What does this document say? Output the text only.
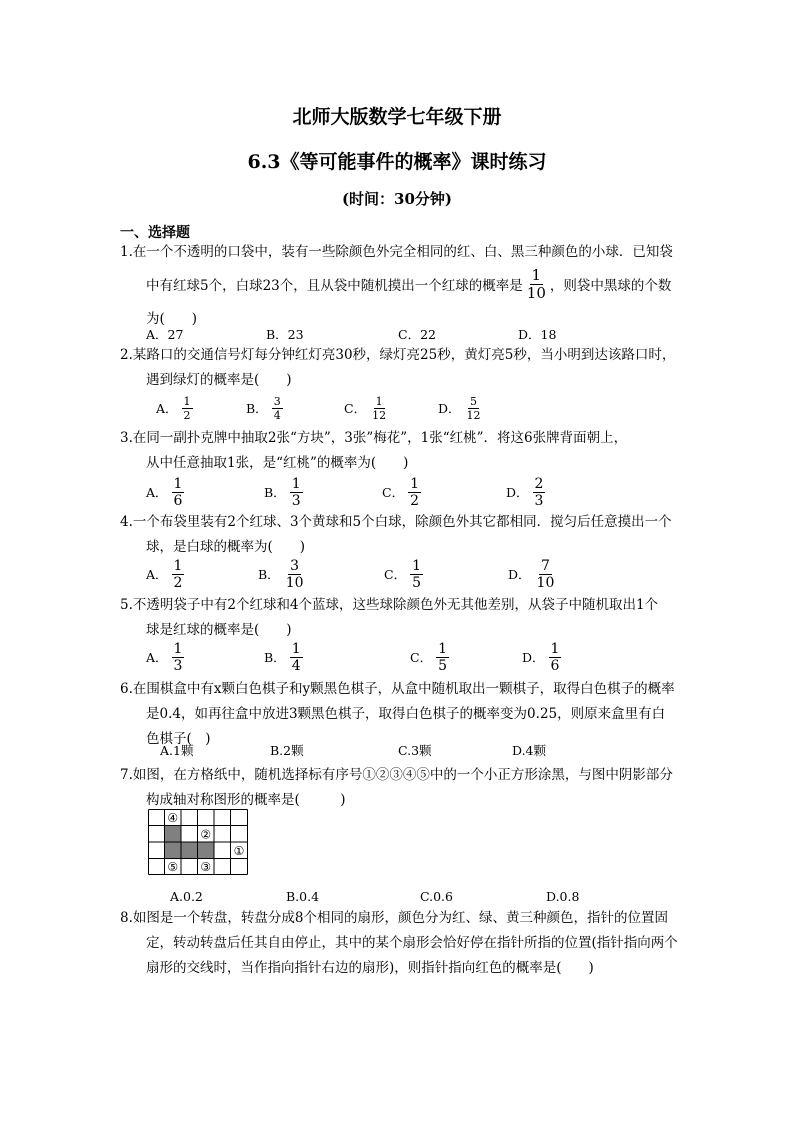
北师大版数学七年级下册
6.3《等可能事件的概率》课时练习
(时间：30分钟)
一、选择题
1.在一个不透明的口袋中，装有一些除颜色外完全相同的红、白、黑三种颜色的小球．已知袋
中有红球5个，白球23个，且从袋中随机摸出一个红球的概率是 $\frac{1}{10}$ ，则袋中黑球的个数
为(　　)
A．27	B．23	C．22	D．18
2.某路口的交通信号灯每分钟红灯亮30秒，绿灯亮25秒，黄灯亮5秒，当小明到达该路口时，
遇到绿灯的概率是(　　)
A． $\frac{1}{2}$	B． $\frac{3}{4}$	C． $\frac{1}{12}$	D． $\frac{5}{12}$
3.在同一副扑克牌中抽取2张“方块”，3张”梅花”，1张“红桃”．将这6张牌背面朝上，
从中任意抽取1张，是“红桃”的概率为(　　)
A． $\frac{1}{6}$	B． $\frac{1}{3}$	C． $\frac{1}{2}$	D． $\frac{2}{3}$
4.一个布袋里装有2个红球、3个黄球和5个白球，除颜色外其它都相同．搅匀后任意摸出一个
球，是白球的概率为(　　)
A． $\frac{1}{2}$	B． $\frac{3}{10}$	C． $\frac{1}{5}$	D． $\frac{7}{10}$
5.不透明袋子中有2个红球和4个蓝球，这些球除颜色外无其他差别，从袋子中随机取出1个
球是红球的概率是(　　)
A． $\frac{1}{3}$	B． $\frac{1}{4}$	C． $\frac{1}{5}$	D． $\frac{1}{6}$
6.在围棋盒中有x颗白色棋子和y颗黑色棋子，从盒中随机取出一颗棋子，取得白色棋子的概率
是0.4，如再往盒中放进3颗黑色棋子，取得白色棋子的概率变为0.25，则原来盒里有白
色棋子(　)
A.1颗	B.2颗	C.3颗	D.4颗
7.如图，在方格纸中，随机选择标有序号①②③④⑤中的一个小正方形涂黑，与图中阴影部分
构成轴对称图形的概率是(　　　)
④
②
①
⑤ ③
A.0.2	B.0.4	C.0.6	D.0.8
8.如图是一个转盘，转盘分成8个相同的扇形，颜色分为红、绿、黄三种颜色，指针的位置固
定，转动转盘后任其自由停止，其中的某个扇形会恰好停在指针所指的位置(指针指向两个
扇形的交线时，当作指向指针右边的扇形)，则指针指向红色的概率是(　　)
